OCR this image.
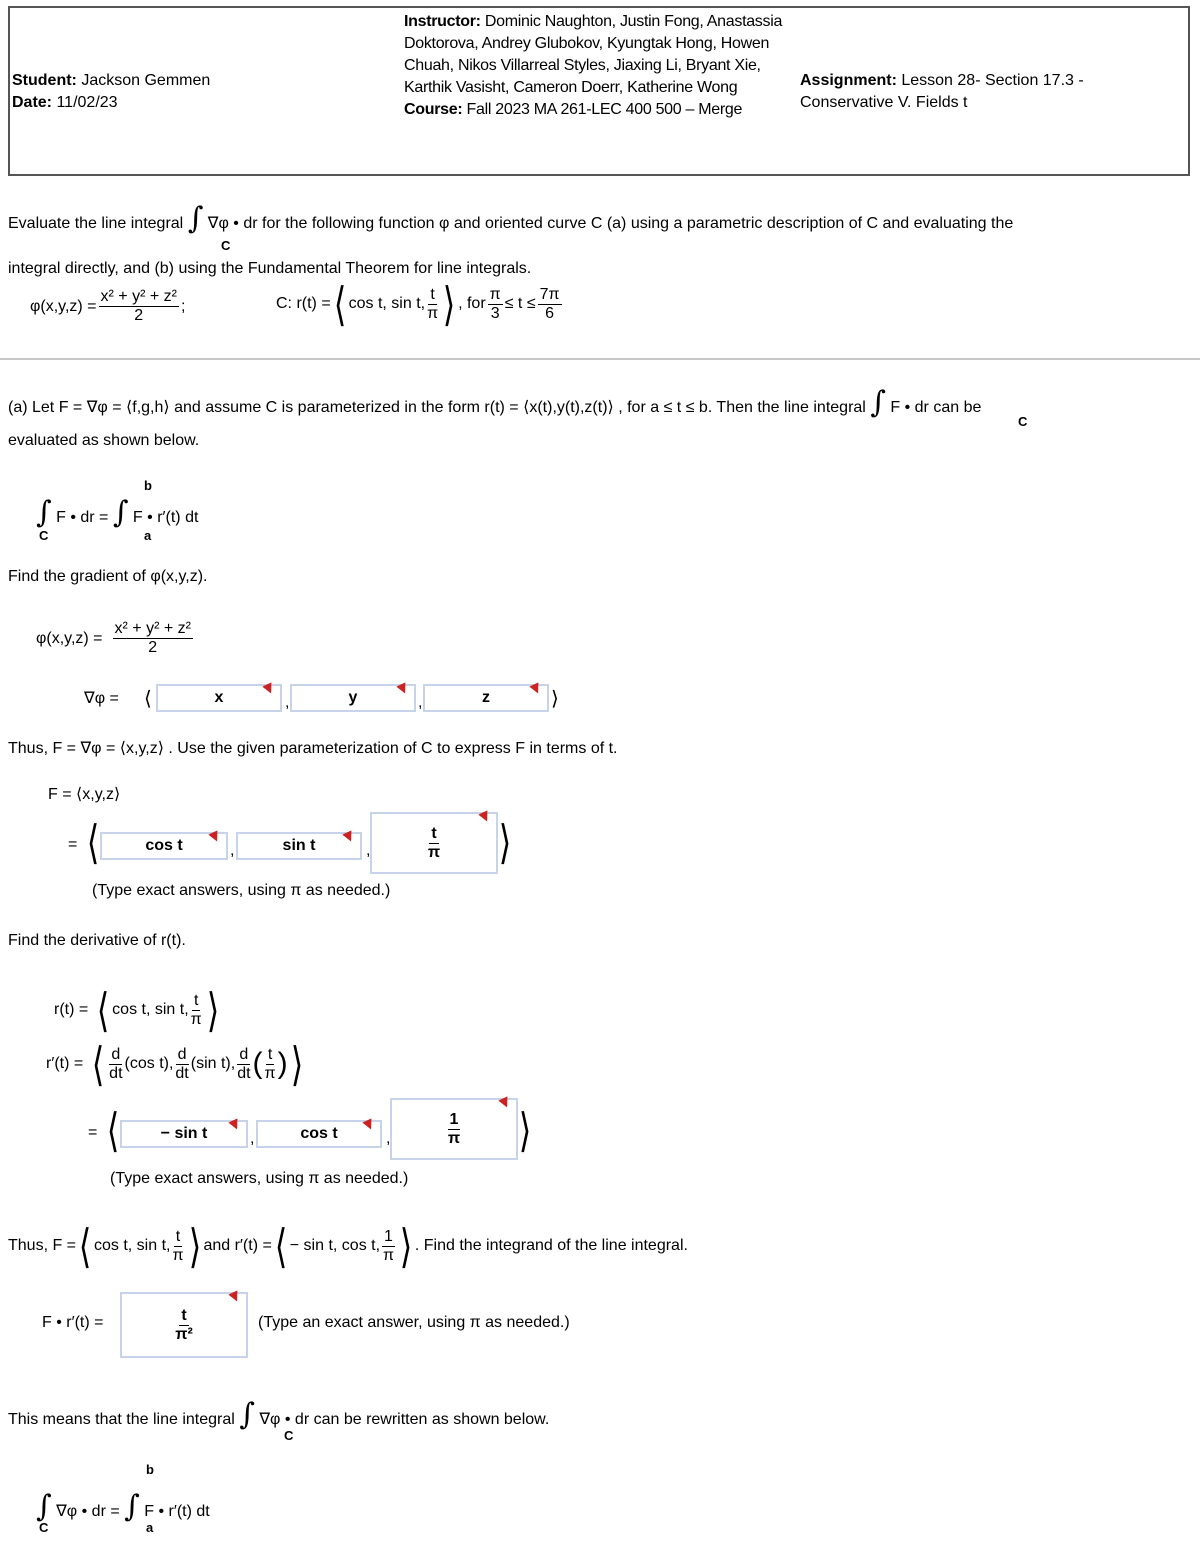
Student: Jackson Gemmen
Date: 11/02/23
Instructor: Dominic Naughton, Justin Fong, Anastassia Doktorova, Andrey Glubokov, Kyungtak Hong, Howen Chuah, Nikos Villarreal Styles, Jiaxing Li, Bryant Xie, Karthik Vasisht, Cameron Doerr, Katherine Wong
Course: Fall 2023 MA 261-LEC 400 500 – Merge
Assignment: Lesson 28- Section 17.3 - Conservative V. Fields t
Evaluate the line integral ∫ ∇φ • dr for the following function φ and oriented curve C (a) using a parametric description of C and evaluating the
C
integral directly, and (b) using the Fundamental Theorem for line integrals.
$\varphi(x,y,z) = \frac{\text{x² + y² + z²}}{2}$ ;	C: r(t) = ⟨ cos t, sin t, $\frac{t}{\pi}$ ⟩ , for $\frac{\pi}{3} \le t \le \frac{7\pi}{6}$
(a) Let F = ∇φ = ⟨f,g,h⟩ and assume C is parameterized in the form r(t) = ⟨x(t),y(t),z(t)⟩ , for a ≤ t ≤ b. Then the line integral ∫ F • dr can be
C
evaluated as shown below.
∫ F • dr = ∫ F • r′(t) dt
b
C	a
Find the gradient of φ(x,y,z).
$\varphi(x,y,z) = \frac{\text{x² + y² + z²}}{2}$
∇φ = ⟨	x	,	y	,	z	⟩
Thus, F = ∇φ = ⟨x,y,z⟩ . Use the given parameterization of C to express F in terms of t.
F = ⟨x,y,z⟩
= ⟨	cos t	,	sin t	,	$\frac{t}{\pi}$ ⟩
(Type exact answers, using π as needed.)
Find the derivative of r(t).
r(t) = ⟨ cos t, sin t, $\frac{t}{\pi}$ ⟩
r′(t) = ⟨ $\frac{d}{dt} (\cos$ t), $\frac{d}{dt} (\sin$ t), $\frac{d}{dt}$ ( $\frac{t}{\pi}$ ) ⟩
= ⟨	− sin t	,	cos t	,	$\frac{1}{\pi}$ ⟩
(Type exact answers, using π as needed.)
Thus, F = ⟨ cos t, sin t, $\frac{t}{\pi}$ ⟩ and r′(t) = ⟨ − sin t, cos t, $\frac{1}{\pi}$ ⟩ . Find the integrand of the line integral.
F • r′(t) =	$\frac{t}{\text{π²}}$	(Type an exact answer, using π as needed.)
This means that the line integral ∫ ∇φ • dr can be rewritten as shown below.
C
∫ ∇φ • dr = ∫ F • r′(t) dt
b
C	a
